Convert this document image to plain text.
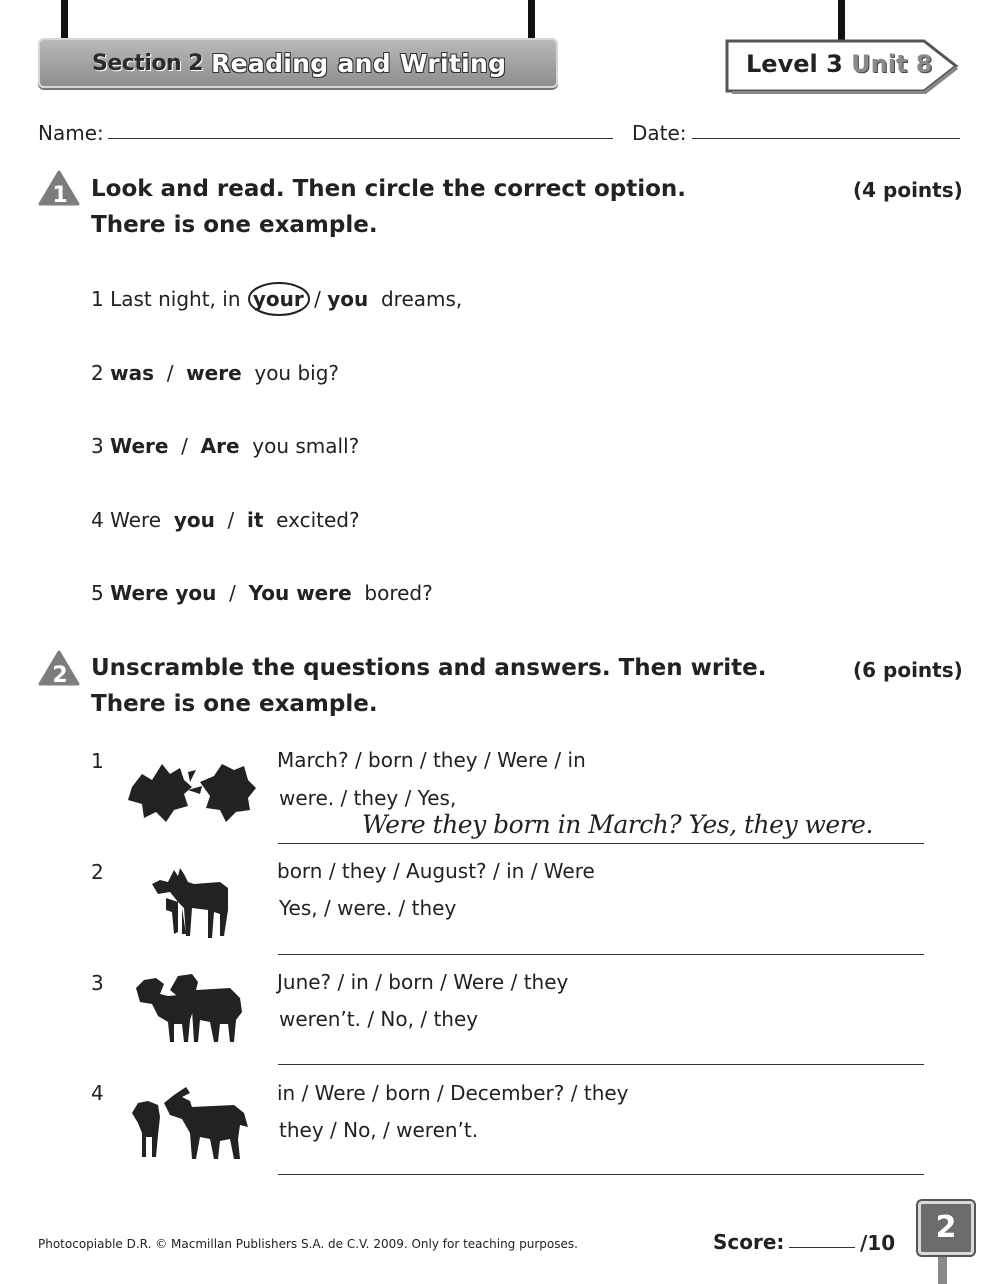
Section 2 Reading and Writing	Level 3 Unit 8
Name:	Date:
1 Look and read. Then circle the correct option.
There is one example.
(4 points)
1 Last night, in your / you dreams,
2 was / were you big?
3 Were / Are you small?
4 Were you / it excited?
5 Were you / You were bored?
2 Unscramble the questions and answers. Then write.
There is one example.
(6 points)
1	March? / born / they / Were / in
were. / they / Yes,
Were they born in March? Yes, they were.
2	born / they / August? / in / Were
Yes, / were. / they
3	June? / in / born / Were / they
weren’t. / No, / they
4	in / Were / born / December? / they
they / No, / weren’t.
Photocopiable D.R. © Macmillan Publishers S.A. de C.V. 2009. Only for teaching purposes.	Score:	/10	2
